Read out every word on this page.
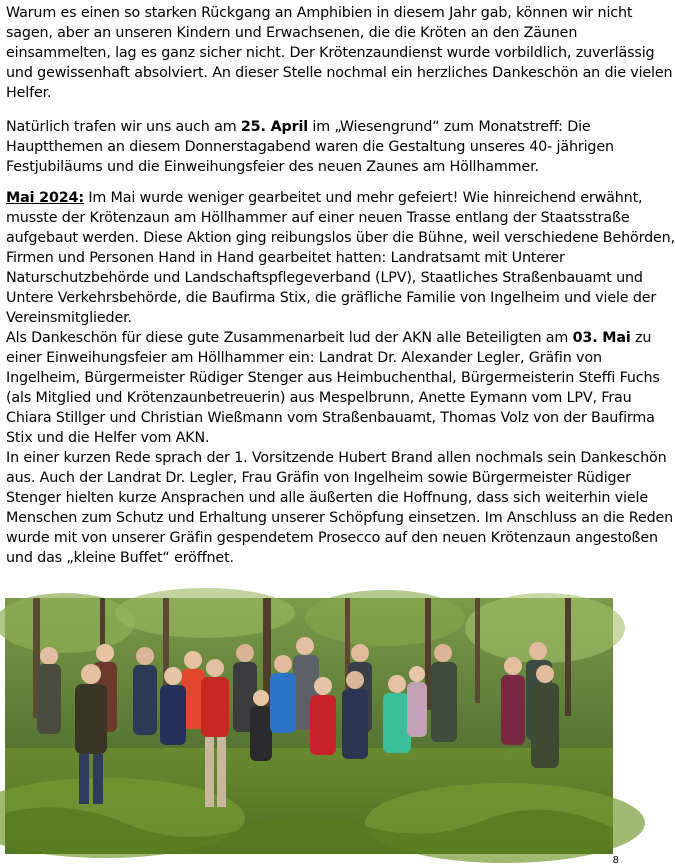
Warum es einen so starken Rückgang an Amphibien in diesem Jahr gab, können wir nicht
sagen, aber an unseren Kindern und Erwachsenen, die die Kröten an den Zäunen
einsammelten, lag es ganz sicher nicht. Der Krötenzaundienst wurde vorbildlich, zuverlässig
und gewissenhaft absolviert. An dieser Stelle nochmal ein herzliches Dankeschön an die vielen
Helfer.
Natürlich trafen wir uns auch am 25. April im „Wiesengrund“ zum Monatstreff: Die
Hauptthemen an diesem Donnerstagabend waren die Gestaltung unseres 40- jährigen
Festjubiläums und die Einweihungsfeier des neuen Zaunes am Höllhammer.
Mai 2024: Im Mai wurde weniger gearbeitet und mehr gefeiert! Wie hinreichend erwähnt,
musste der Krötenzaun am Höllhammer auf einer neuen Trasse entlang der Staatsstraße
aufgebaut werden. Diese Aktion ging reibungslos über die Bühne, weil verschiedene Behörden,
Firmen und Personen Hand in Hand gearbeitet hatten: Landratsamt mit Unterer
Naturschutzbehörde und Landschaftspflegeverband (LPV), Staatliches Straßenbauamt und
Untere Verkehrsbehörde, die Baufirma Stix, die gräfliche Familie von Ingelheim und viele der
Vereinsmitglieder.
Als Dankeschön für diese gute Zusammenarbeit lud der AKN alle Beteiligten am 03. Mai zu
einer Einweihungsfeier am Höllhammer ein: Landrat Dr. Alexander Legler, Gräfin von
Ingelheim, Bürgermeister Rüdiger Stenger aus Heimbuchenthal, Bürgermeisterin Steffi Fuchs
(als Mitglied und Krötenzaunbetreuerin) aus Mespelbrunn, Anette Eymann vom LPV, Frau
Chiara Stillger und Christian Wießmann vom Straßenbauamt, Thomas Volz von der Baufirma
Stix und die Helfer vom AKN.
In einer kurzen Rede sprach der 1. Vorsitzende Hubert Brand allen nochmals sein Dankeschön
aus. Auch der Landrat Dr. Legler, Frau Gräfin von Ingelheim sowie Bürgermeister Rüdiger
Stenger hielten kurze Ansprachen und alle äußerten die Hoffnung, dass sich weiterhin viele
Menschen zum Schutz und Erhaltung unserer Schöpfung einsetzen. Im Anschluss an die Reden
wurde mit von unserer Gräfin gespendetem Prosecco auf den neuen Krötenzaun angestoßen
und das „kleine Buffet“ eröffnet.
8
